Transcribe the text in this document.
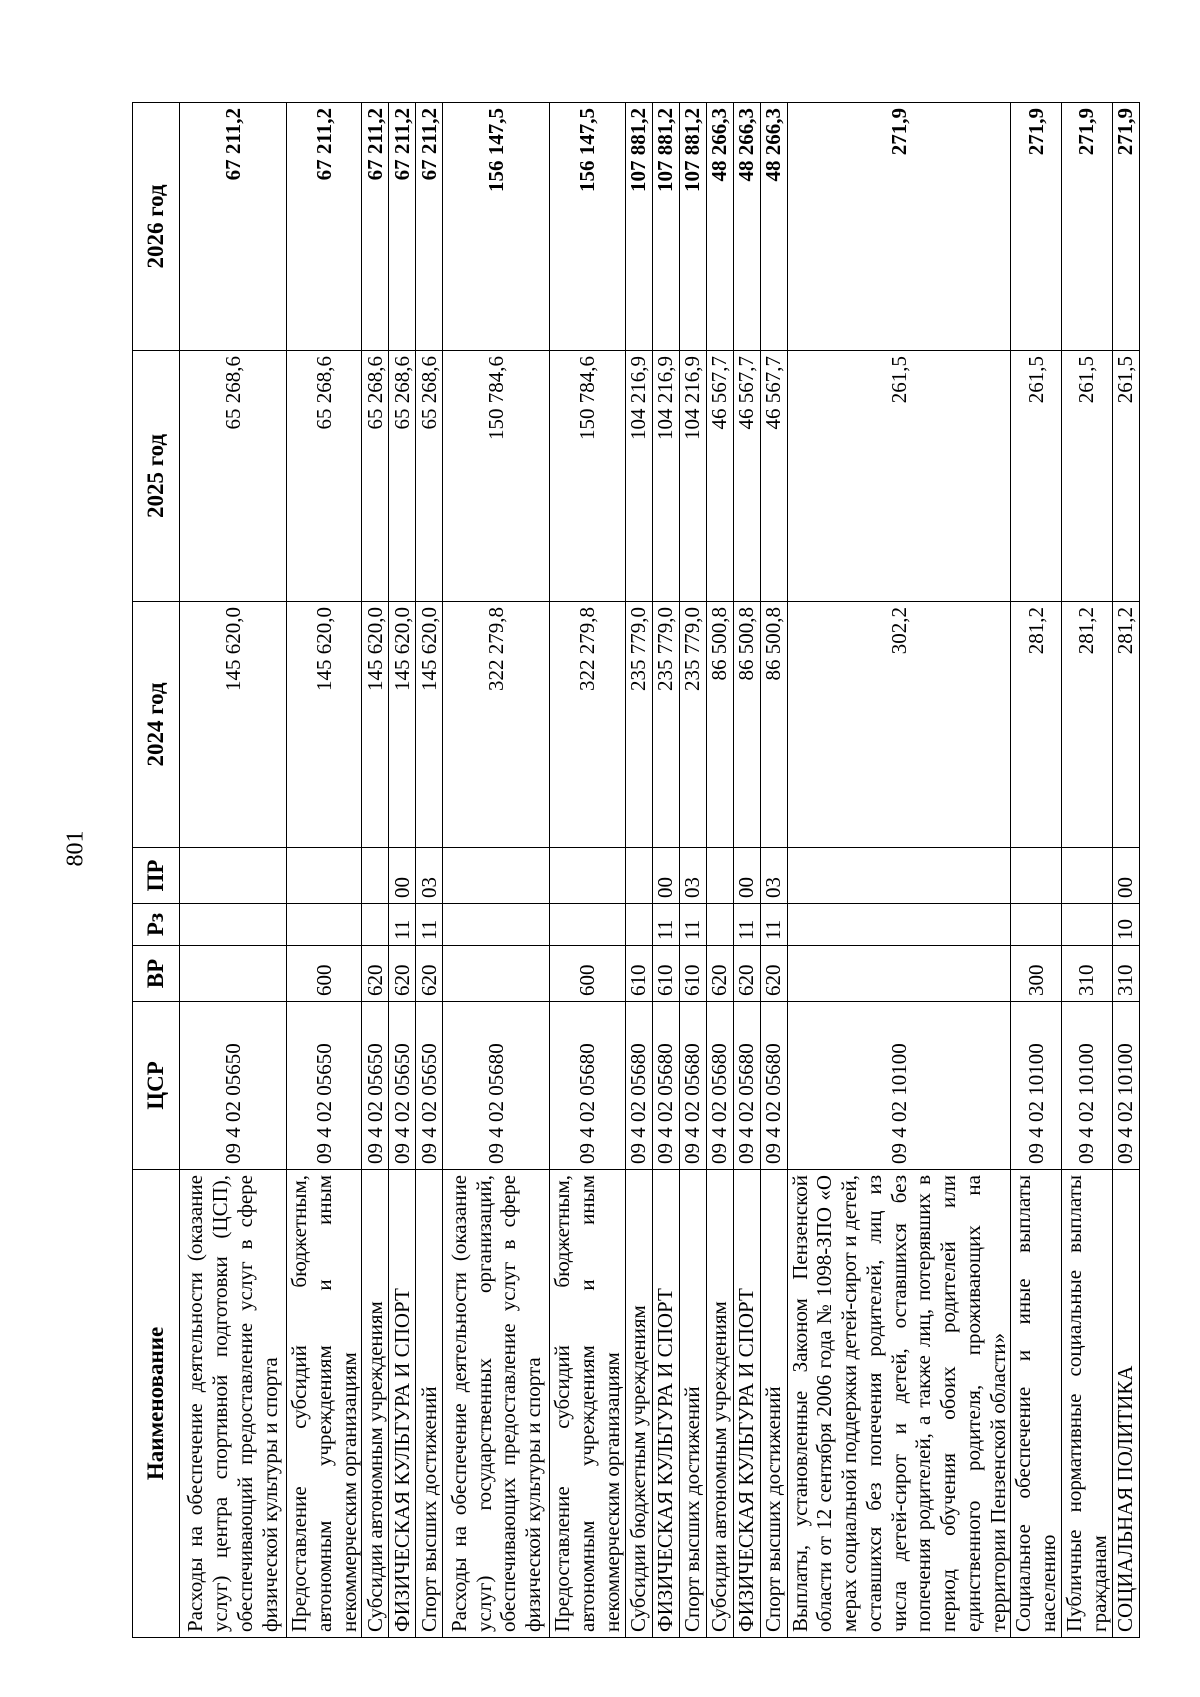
801
Наименование	ЦСР	ВР	Рз	ПР	2024 год	2025 год	2026 год
Расходы на обеспечение деятельности (оказание услуг) центра спортивной подготовки (ЦСП), обеспечивающий предоставление услуг в сфере физической культуры и спорта	09 4 02 05650				145 620,0	65 268,6	67 211,2
Предоставление субсидий бюджетным, автономным учреждениям и иным некоммерческим организациям	09 4 02 05650	600			145 620,0	65 268,6	67 211,2
Субсидии автономным учреждениям	09 4 02 05650	620			145 620,0	65 268,6	67 211,2
ФИЗИЧЕСКАЯ КУЛЬТУРА И СПОРТ	09 4 02 05650	620	11	00	145 620,0	65 268,6	67 211,2
Спорт высших достижений	09 4 02 05650	620	11	03	145 620,0	65 268,6	67 211,2
Расходы на обеспечение деятельности (оказание услуг) государственных организаций, обеспечивающих предоставление услуг в сфере физической культуры и спорта	09 4 02 05680				322 279,8	150 784,6	156 147,5
Предоставление субсидий бюджетным, автономным учреждениям и иным некоммерческим организациям	09 4 02 05680	600			322 279,8	150 784,6	156 147,5
Субсидии бюджетным учреждениям	09 4 02 05680	610			235 779,0	104 216,9	107 881,2
ФИЗИЧЕСКАЯ КУЛЬТУРА И СПОРТ	09 4 02 05680	610	11	00	235 779,0	104 216,9	107 881,2
Спорт высших достижений	09 4 02 05680	610	11	03	235 779,0	104 216,9	107 881,2
Субсидии автономным учреждениям	09 4 02 05680	620			86 500,8	46 567,7	48 266,3
ФИЗИЧЕСКАЯ КУЛЬТУРА И СПОРТ	09 4 02 05680	620	11	00	86 500,8	46 567,7	48 266,3
Спорт высших достижений	09 4 02 05680	620	11	03	86 500,8	46 567,7	48 266,3
Выплаты, установленные Законом Пензенской области от 12 сентября 2006 года № 1098-ЗПО «О мерах социальной поддержки детей-сирот и детей, оставшихся без попечения родителей, лиц из числа детей-сирот и детей, оставшихся без попечения родителей, а также лиц, потерявших в период обучения обоих родителей или единственного родителя, проживающих на территории Пензенской области»	09 4 02 10100				302,2	261,5	271,9
Социальное обеспечение и иные выплаты населению	09 4 02 10100	300			281,2	261,5	271,9
Публичные нормативные социальные выплаты гражданам	09 4 02 10100	310			281,2	261,5	271,9
СОЦИАЛЬНАЯ ПОЛИТИКА	09 4 02 10100	310	10	00	281,2	261,5	271,9
